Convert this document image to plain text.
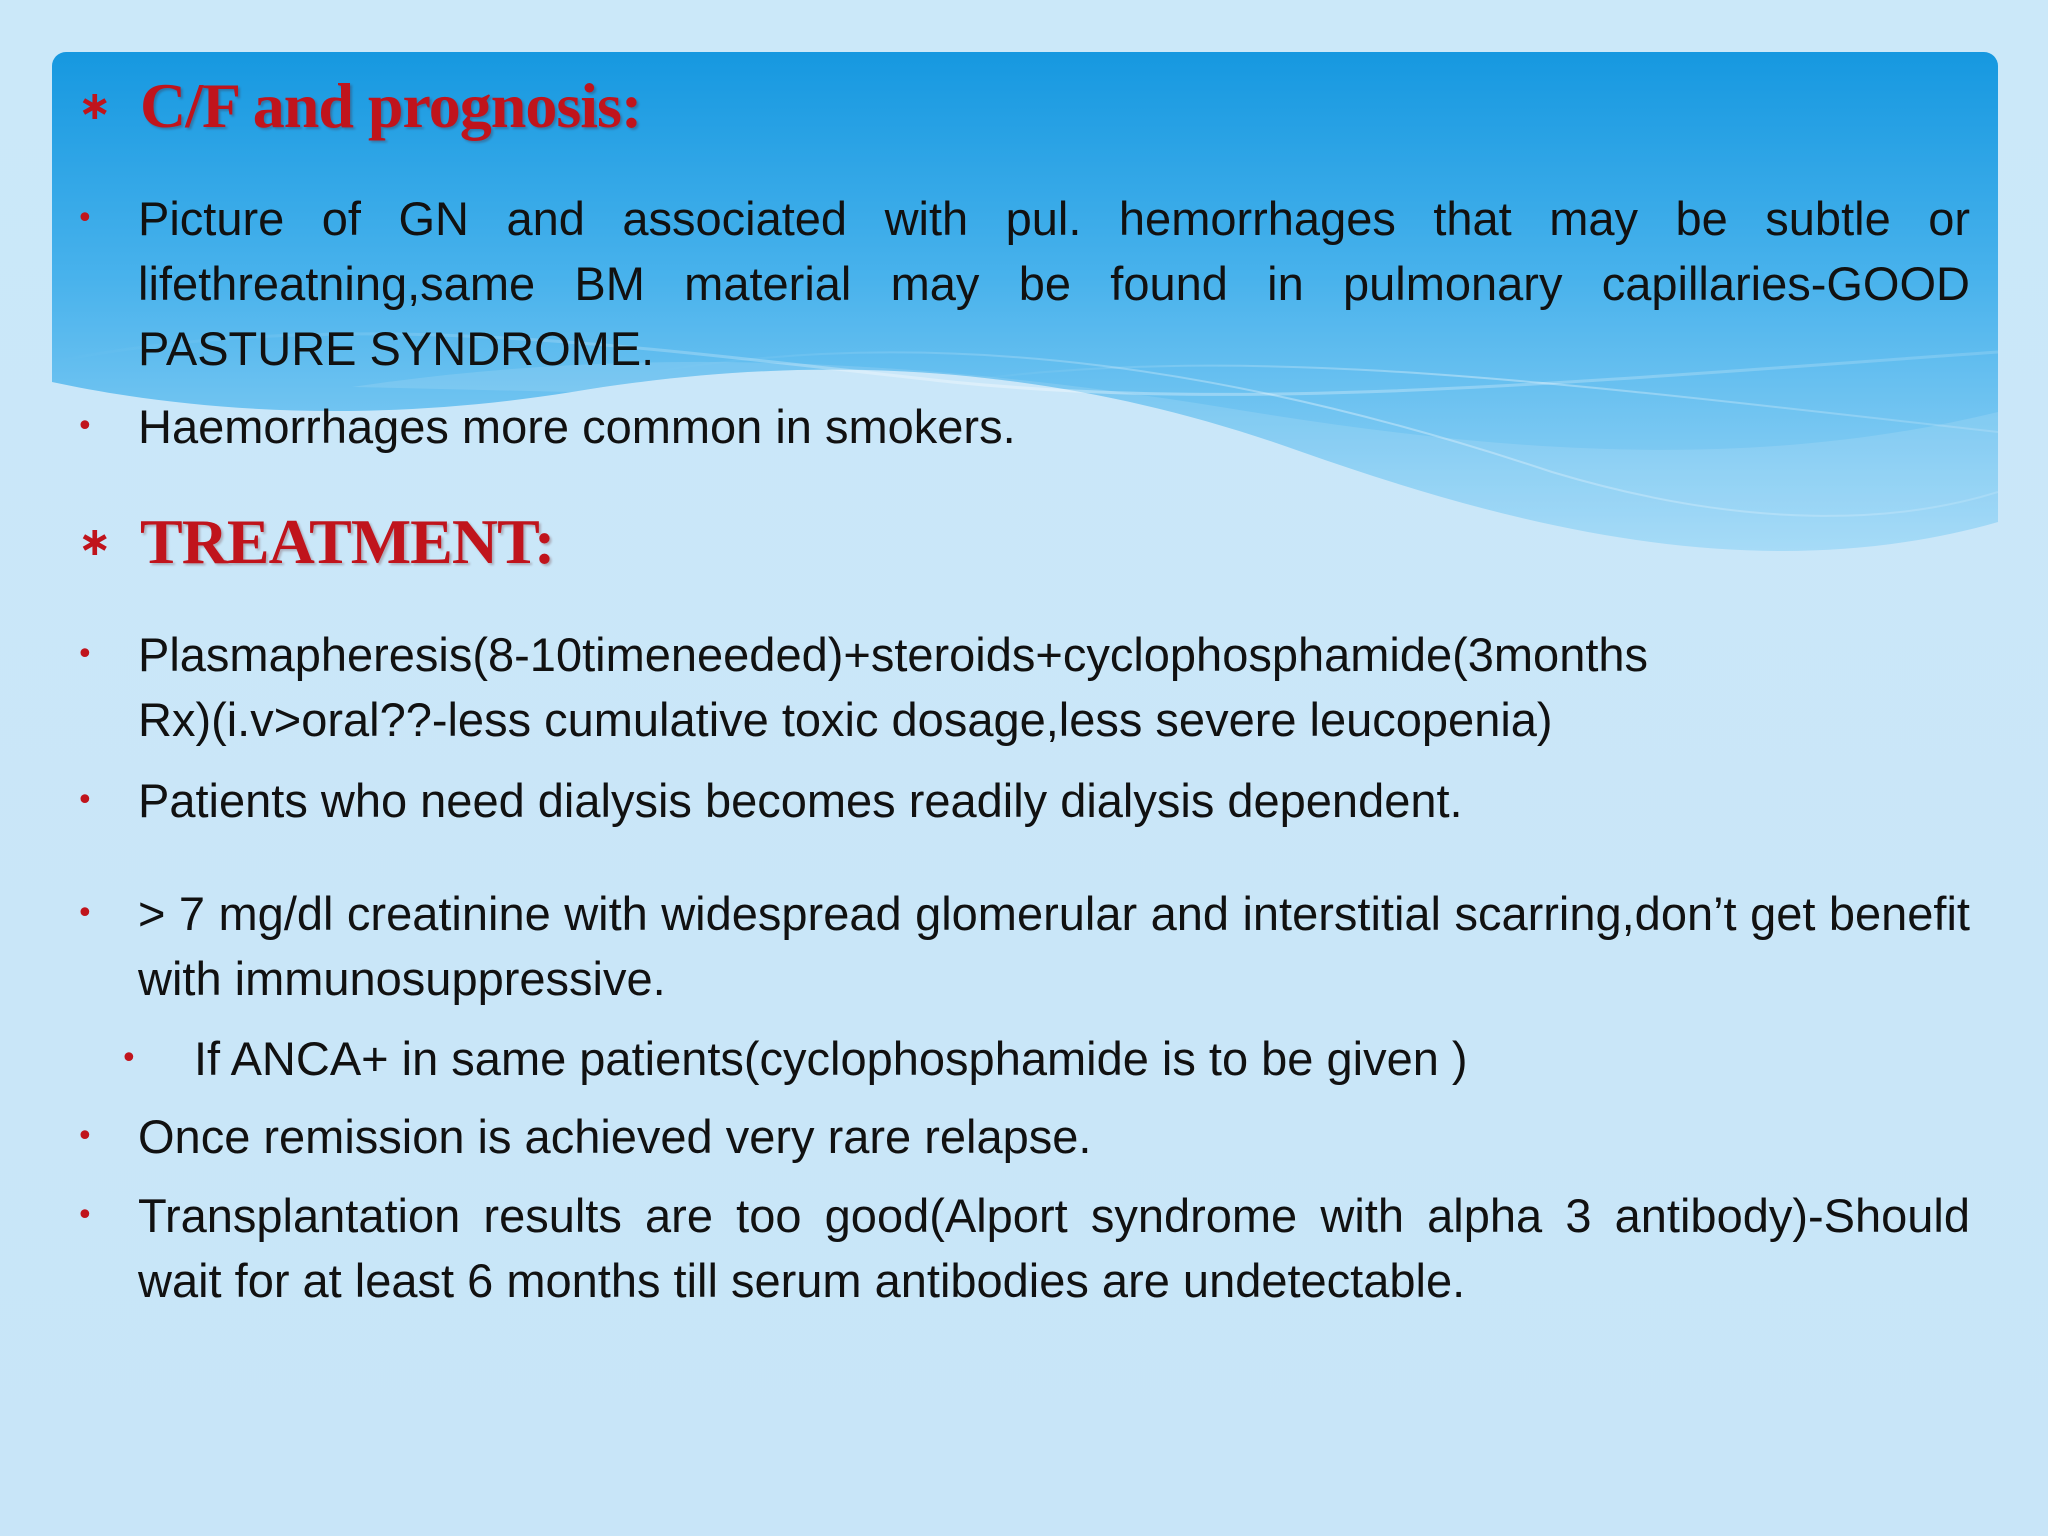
∗ C/F and prognosis:
• Picture of GN and associated with pul. hemorrhages that may be subtle or lifethreatning,same BM material may be found in pulmonary capillaries-GOOD PASTURE SYNDROME.
• Haemorrhages more common in smokers.
∗ TREATMENT:
• Plasmapheresis(8-10timeneeded)+steroids+cyclophosphamide(3months Rx)(i.v>oral??-less cumulative toxic dosage,less severe leucopenia)
• Patients who need dialysis becomes readily dialysis dependent.
• > 7 mg/dl creatinine with widespread glomerular and interstitial scarring,don’t get benefit with immunosuppressive.
•	If ANCA+ in same patients(cyclophosphamide is to be given )
• Once remission is achieved very rare relapse.
• Transplantation results are too good(Alport syndrome with alpha 3 antibody)-Should wait for at least 6 months till serum antibodies are undetectable.
